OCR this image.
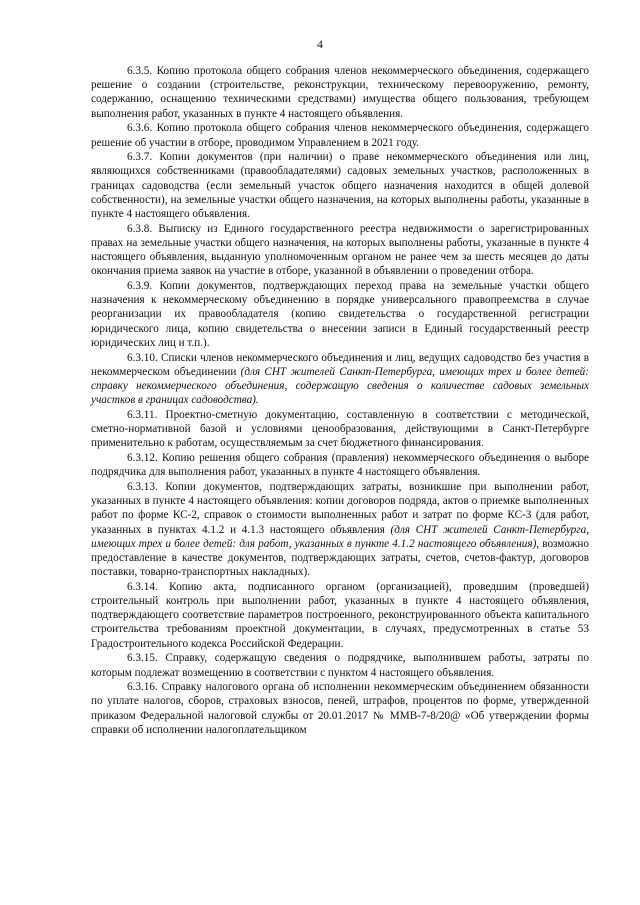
4

6.3.5. Копию протокола общего собрания членов некоммерческого объединения, содержащего решение о создании (строительстве, реконструкции, техническому перевооружению, ремонту, содержанию, оснащению техническими средствами) имущества общего пользования, требующем выполнения работ, указанных в пункте 4 настоящего объявления.

6.3.6. Копию протокола общего собрания членов некоммерческого объединения, содержащего решение об участии в отборе, проводимом Управлением в 2021 году.

6.3.7. Копии документов (при наличии) о праве некоммерческого объединения или лиц, являющихся собственниками (правообладателями) садовых земельных участков, расположенных в границах садоводства (если земельный участок общего назначения находится в общей долевой собственности), на земельные участки общего назначения, на которых выполнены работы, указанные в пункте 4 настоящего объявления.

6.3.8. Выписку из Единого государственного реестра недвижимости о зарегистрированных правах на земельные участки общего назначения, на которых выполнены работы, указанные в пункте 4 настоящего объявления, выданную уполномоченным органом не ранее чем за шесть месяцев до даты окончания приема заявок на участие в отборе, указанной в объявлении о проведении отбора.

6.3.9. Копии документов, подтверждающих переход права на земельные участки общего назначения к некоммерческому объединению в порядке универсального правопреемства в случае реорганизации их правообладателя (копию свидетельства о государственной регистрации юридического лица, копию свидетельства о внесении записи в Единый государственный реестр юридических лиц и т.п.).

6.3.10. Списки членов некоммерческого объединения и лиц, ведущих садоводство без участия в некоммерческом объединении (для СНТ жителей Санкт-Петербурга, имеющих трех и более детей: справку некоммерческого объединения, содержащую сведения о количестве садовых земельных участков в границах садоводства).

6.3.11. Проектно-сметную документацию, составленную в соответствии с методической, сметно-нормативной базой и условиями ценообразования, действующими в Санкт-Петербурге применительно к работам, осуществляемым за счет бюджетного финансирования.

6.3.12. Копию решения общего собрания (правления) некоммерческого объединения о выборе подрядчика для выполнения работ, указанных в пункте 4 настоящего объявления.

6.3.13. Копии документов, подтверждающих затраты, возникшие при выполнении работ, указанных в пункте 4 настоящего объявления: копии договоров подряда, актов о приемке выполненных работ по форме КС-2, справок о стоимости выполненных работ и затрат по форме КС-3 (для работ, указанных в пунктах 4.1.2 и 4.1.3 настоящего объявления (для СНТ жителей Санкт-Петербурга, имеющих трех и более детей: для работ, указанных в пункте 4.1.2 настоящего объявления), возможно предоставление в качестве документов, подтверждающих затраты, счетов, счетов-фактур, договоров поставки, товарно-транспортных накладных).

6.3.14. Копию акта, подписанного органом (организацией), проведшим (проведшей) строительный контроль при выполнении работ, указанных в пункте 4 настоящего объявления, подтверждающего соответствие параметров построенного, реконструированного объекта капитального строительства требованиям проектной документации, в случаях, предусмотренных в статье 53 Градостроительного кодекса Российской Федерации.

6.3.15. Справку, содержащую сведения о подрядчике, выполнившем работы, затраты по которым подлежат возмещению в соответствии с пунктом 4 настоящего объявления.

6.3.16. Справку налогового органа об исполнении некоммерческим объединением обязанности по уплате налогов, сборов, страховых взносов, пеней, штрафов, процентов по форме, утвержденной приказом Федеральной налоговой службы от 20.01.2017 № ММВ-7-8/20@ «Об утверждении формы справки об исполнении налогоплательщиком
